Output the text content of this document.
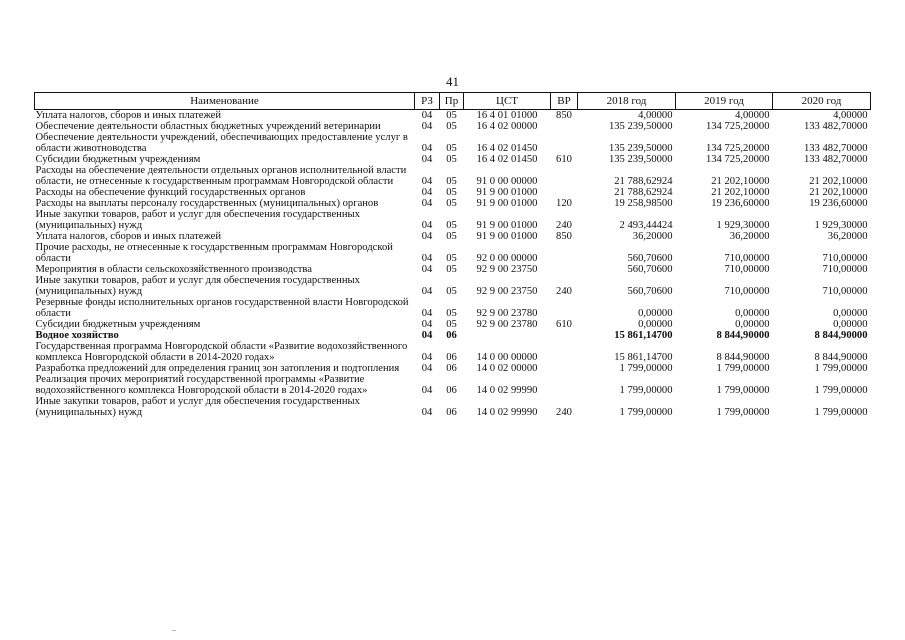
41
Наименование	РЗ	Пр	ЦСТ	ВР	2018 год	2019 год	2020 год
Уплата налогов, сборов и иных платежей	04	05	16 4 01 01000	850	4,00000	4,00000	4,00000
Обеспечение деятельности областных бюджетных учреждений ветеринарии	04	05	16 4 02 00000		135 239,50000	134 725,20000	133 482,70000
Обеспечение деятельности учреждений, обеспечивающих предоставление услуг в области животноводства	04	05	16 4 02 01450		135 239,50000	134 725,20000	133 482,70000
Субсидии бюджетным учреждениям	04	05	16 4 02 01450	610	135 239,50000	134 725,20000	133 482,70000
Расходы на обеспечение деятельности отдельных органов исполнительной власти области, не отнесенные к государственным программам Новгородской области	04	05	91 0 00 00000		21 788,62924	21 202,10000	21 202,10000
Расходы на обеспечение функций государственных органов	04	05	91 9 00 01000		21 788,62924	21 202,10000	21 202,10000
Расходы на выплаты персоналу государственных (муниципальных) органов	04	05	91 9 00 01000	120	19 258,98500	19 236,60000	19 236,60000
Иные закупки товаров, работ и услуг для обеспечения государственных (муниципальных) нужд	04	05	91 9 00 01000	240	2 493,44424	1 929,30000	1 929,30000
Уплата налогов, сборов и иных платежей	04	05	91 9 00 01000	850	36,20000	36,20000	36,20000
Прочие расходы, не отнесенные к государственным программам Новгородской области	04	05	92 0 00 00000		560,70600	710,00000	710,00000
Мероприятия в области сельскохозяйственного производства	04	05	92 9 00 23750		560,70600	710,00000	710,00000
Иные закупки товаров, работ и услуг для обеспечения государственных (муниципальных) нужд	04	05	92 9 00 23750	240	560,70600	710,00000	710,00000
Резервные фонды исполнительных органов государственной власти Новгородской области	04	05	92 9 00 23780		0,00000	0,00000	0,00000
Субсидии бюджетным учреждениям	04	05	92 9 00 23780	610	0,00000	0,00000	0,00000
Водное хозяйство	04	06			15 861,14700	8 844,90000	8 844,90000
Государственная программа Новгородской области «Развитие водохозяйственного комплекса Новгородской области в 2014-2020 годах»	04	06	14 0 00 00000		15 861,14700	8 844,90000	8 844,90000
Разработка предложений для определения границ зон затопления и подтопления	04	06	14 0 02 00000		1 799,00000	1 799,00000	1 799,00000
Реализация прочих мероприятий государственной программы «Развитие водохозяйственного комплекса Новгородской области в 2014-2020 годах»	04	06	14 0 02 99990		1 799,00000	1 799,00000	1 799,00000
Иные закупки товаров, работ и услуг для обеспечения государственных (муниципальных) нужд	04	06	14 0 02 99990	240	1 799,00000	1 799,00000	1 799,00000
